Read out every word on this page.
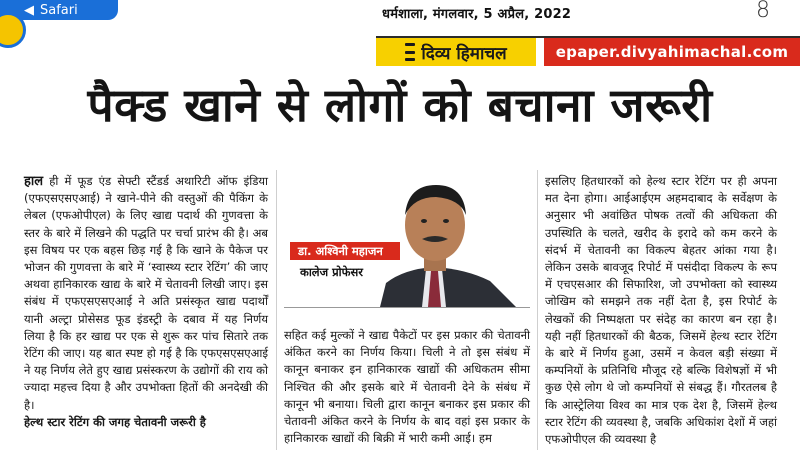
◀ Safari	धर्मशाला, मंगलवार, 5 अप्रैल, 2022	8
दिव्य हिमाचल	epaper.divyahimachal.com
पैक्ड खाने से लोगों को बचाना जरूरी

हाल ही में फूड एंड सेफ्टी स्टैंडर्ड अथारिटी ऑफ इंडिया (एफएसएसएआई) ने खाने-पीने की वस्तुओं की पैकिंग के लेबल (एफओपीएल) के लिए खाद्य पदार्थ की गुणवत्ता के स्तर के बारे में लिखने की पद्धति पर चर्चा प्रारंभ की है। अब इस विषय पर एक बहस छिड़ गई है कि खाने के पैकेज पर भोजन की गुणवत्ता के बारे में ‘स्वास्थ्य स्टार रेटिंग’ की जाए अथवा हानिकारक खाद्य के बारे में चेतावनी लिखी जाए। इस संबंध में एफएसएसएआई ने अति प्रसंस्कृत खाद्य पदार्थों यानी अल्ट्रा प्रोसेसड फूड इंडस्ट्री के दबाव में यह निर्णय लिया है कि हर खाद्य पर एक से शुरू कर पांच सितारे तक रेटिंग की जाए। यह बात स्पष्ट हो गई है कि एफएसएसएआई ने यह निर्णय लेते हुए खाद्य प्रसंस्करण के उद्योगों की राय को ज्यादा महत्त्व दिया है और उपभोक्ता हितों की अनदेखी की है।

हेल्थ स्टार रेटिंग की जगह चेतावनी जरूरी है

डा. अश्विनी महाजन
कालेज प्रोफेसर

सहित कई मुल्कों ने खाद्य पैकेटों पर इस प्रकार की चेतावनी अंकित करने का निर्णय किया। चिली ने तो इस संबंध में कानून बनाकर इन हानिकारक खाद्यों की अधिकतम सीमा निश्चित की और इसके बारे में चेतावनी देने के संबंध में कानून भी बनाया। चिली द्वारा कानून बनाकर इस प्रकार की चेतावनी अंकित करने के निर्णय के बाद वहां इस प्रकार के हानिकारक खाद्यों की बिक्री में भारी कमी आई। हम

इसलिए हितधारकों को हेल्थ स्टार रेटिंग पर ही अपना मत देना होगा। आईआईएम अहमदाबाद के सर्वेक्षण के अनुसार भी अवांछित पोषक तत्वों की अधिकता की उपस्थिति के चलते, खरीद के इरादे को कम करने के संदर्भ में चेतावनी का विकल्प बेहतर आंका गया है। लेकिन उसके बावजूद रिपोर्ट में पसंदीदा विकल्प के रूप में एचएसआर की सिफारिश, जो उपभोक्ता को स्वास्थ्य जोखिम को समझने तक नहीं देता है, इस रिपोर्ट के लेखकों की निष्पक्षता पर संदेह का कारण बन रहा है। यही नहीं हितधारकों की बैठक, जिसमें हेल्थ स्टार रेटिंग के बारे में निर्णय हुआ, उसमें न केवल बड़ी संख्या में कम्पनियों के प्रतिनिधि मौजूद रहे बल्कि विशेषज्ञों में भी कुछ ऐसे लोग थे जो कम्पनियों से संबद्ध हैं। गौरतलब है कि आस्ट्रेलिया विश्व का मात्र एक देश है, जिसमें हेल्थ स्टार रेटिंग की व्यवस्था है, जबकि अधिकांश देशों में जहां एफओपीएल की व्यवस्था है
